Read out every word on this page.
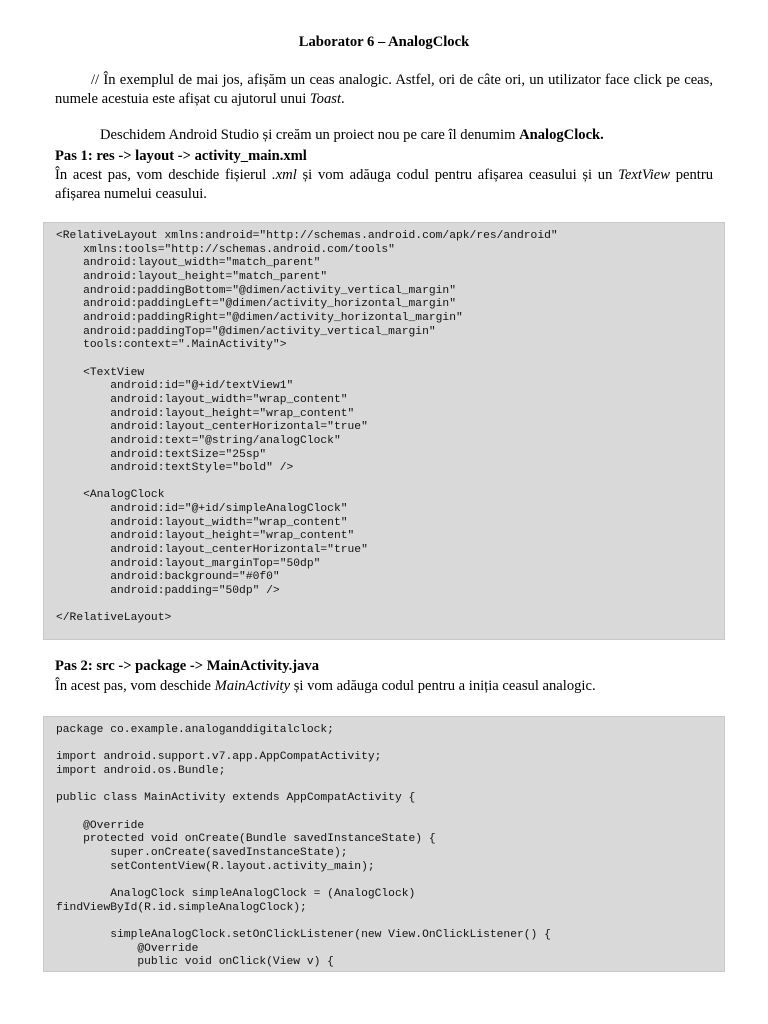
Laborator 6 – AnalogClock
// În exemplul de mai jos, afișăm un ceas analogic. Astfel, ori de câte ori, un utilizator face click pe ceas, numele acestuia este afișat cu ajutorul unui Toast.
Deschidem Android Studio și creăm un proiect nou pe care îl denumim AnalogClock.
Pas 1: res -> layout -> activity_main.xml
În acest pas, vom deschide fișierul .xml și vom adăuga codul pentru afișarea ceasului și un TextView pentru afișarea numelui ceasului.
<RelativeLayout xmlns:android="http://schemas.android.com/apk/res/android"
xmlns:tools="http://schemas.android.com/tools"
android:layout_width="match_parent"
android:layout_height="match_parent"
android:paddingBottom="@dimen/activity_vertical_margin"
android:paddingLeft="@dimen/activity_horizontal_margin"
android:paddingRight="@dimen/activity_horizontal_margin"
android:paddingTop="@dimen/activity_vertical_margin"
tools:context=".MainActivity">

<TextView
android:id="@+id/textView1"
android:layout_width="wrap_content"
android:layout_height="wrap_content"
android:layout_centerHorizontal="true"
android:text="@string/analogClock"
android:textSize="25sp"
android:textStyle="bold" />

<AnalogClock
android:id="@+id/simpleAnalogClock"
android:layout_width="wrap_content"
android:layout_height="wrap_content"
android:layout_centerHorizontal="true"
android:layout_marginTop="50dp"
android:background="#0f0"
android:padding="50dp" />

</RelativeLayout>
Pas 2: src -> package -> MainActivity.java
În acest pas, vom deschide MainActivity și vom adăuga codul pentru a iniția ceasul analogic.
package co.example.analoganddigitalclock;

import android.support.v7.app.AppCompatActivity;
import android.os.Bundle;

public class MainActivity extends AppCompatActivity {

@Override
protected void onCreate(Bundle savedInstanceState) {
super.onCreate(savedInstanceState);
setContentView(R.layout.activity_main);

AnalogClock simpleAnalogClock = (AnalogClock)
findViewById(R.id.simpleAnalogClock);

simpleAnalogClock.setOnClickListener(new View.OnClickListener() {
@Override
public void onClick(View v) {
